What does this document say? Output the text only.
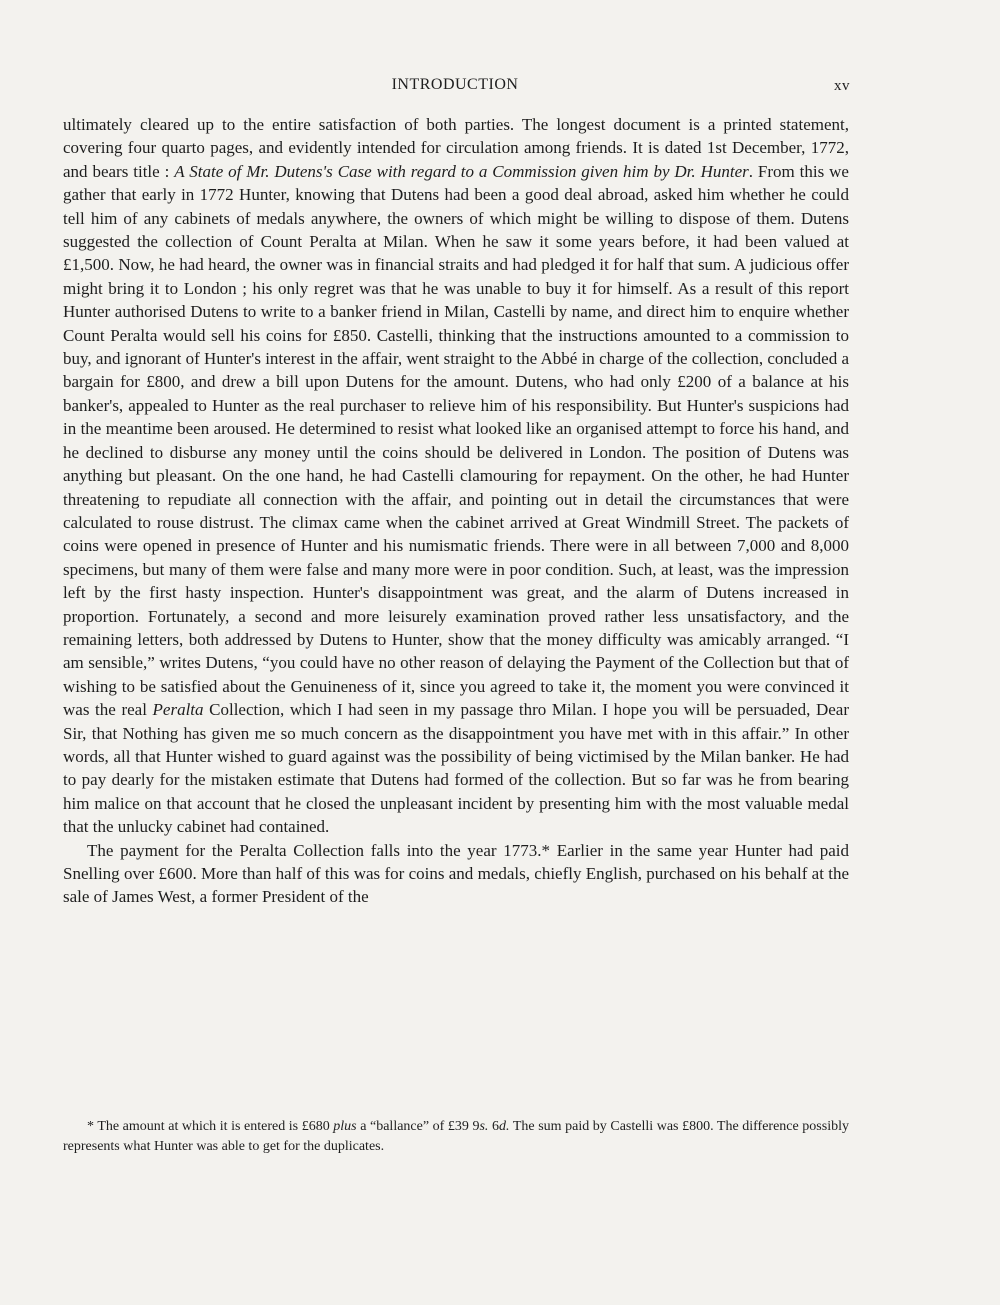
INTRODUCTION	xv

ultimately cleared up to the entire satisfaction of both parties. The longest document is a printed statement, covering four quarto pages, and evidently intended for circulation among friends. It is dated 1st December, 1772, and bears title : A State of Mr. Dutens's Case with regard to a Commission given him by Dr. Hunter. From this we gather that early in 1772 Hunter, knowing that Dutens had been a good deal abroad, asked him whether he could tell him of any cabinets of medals anywhere, the owners of which might be willing to dispose of them. Dutens suggested the collection of Count Peralta at Milan. When he saw it some years before, it had been valued at £1,500. Now, he had heard, the owner was in financial straits and had pledged it for half that sum. A judicious offer might bring it to London ; his only regret was that he was unable to buy it for himself. As a result of this report Hunter authorised Dutens to write to a banker friend in Milan, Castelli by name, and direct him to enquire whether Count Peralta would sell his coins for £850. Castelli, thinking that the instructions amounted to a commission to buy, and ignorant of Hunter's interest in the affair, went straight to the Abbé in charge of the collection, concluded a bargain for £800, and drew a bill upon Dutens for the amount. Dutens, who had only £200 of a balance at his banker's, appealed to Hunter as the real purchaser to relieve him of his responsibility. But Hunter's suspicions had in the meantime been aroused. He determined to resist what looked like an organised attempt to force his hand, and he declined to disburse any money until the coins should be delivered in London. The position of Dutens was anything but pleasant. On the one hand, he had Castelli clamouring for repayment. On the other, he had Hunter threatening to repudiate all connection with the affair, and pointing out in detail the circumstances that were calculated to rouse distrust. The climax came when the cabinet arrived at Great Windmill Street. The packets of coins were opened in presence of Hunter and his numismatic friends. There were in all between 7,000 and 8,000 specimens, but many of them were false and many more were in poor condition. Such, at least, was the impression left by the first hasty inspection. Hunter's disappointment was great, and the alarm of Dutens increased in proportion. Fortunately, a second and more leisurely examination proved rather less unsatisfactory, and the remaining letters, both addressed by Dutens to Hunter, show that the money difficulty was amicably arranged. “I am sensible,” writes Dutens, “you could have no other reason of delaying the Payment of the Collection but that of wishing to be satisfied about the Genuineness of it, since you agreed to take it, the moment you were convinced it was the real Peralta Collection, which I had seen in my passage thro Milan. I hope you will be persuaded, Dear Sir, that Nothing has given me so much concern as the disappointment you have met with in this affair.” In other words, all that Hunter wished to guard against was the possibility of being victimised by the Milan banker. He had to pay dearly for the mistaken estimate that Dutens had formed of the collection. But so far was he from bearing him malice on that account that he closed the unpleasant incident by presenting him with the most valuable medal that the unlucky cabinet had contained.

The payment for the Peralta Collection falls into the year 1773.* Earlier in the same year Hunter had paid Snelling over £600. More than half of this was for coins and medals, chiefly English, purchased on his behalf at the sale of James West, a former President of the

* The amount at which it is entered is £680 plus a “ballance” of £39 9s. 6d. The sum paid by Castelli was £800. The difference possibly represents what Hunter was able to get for the duplicates.
